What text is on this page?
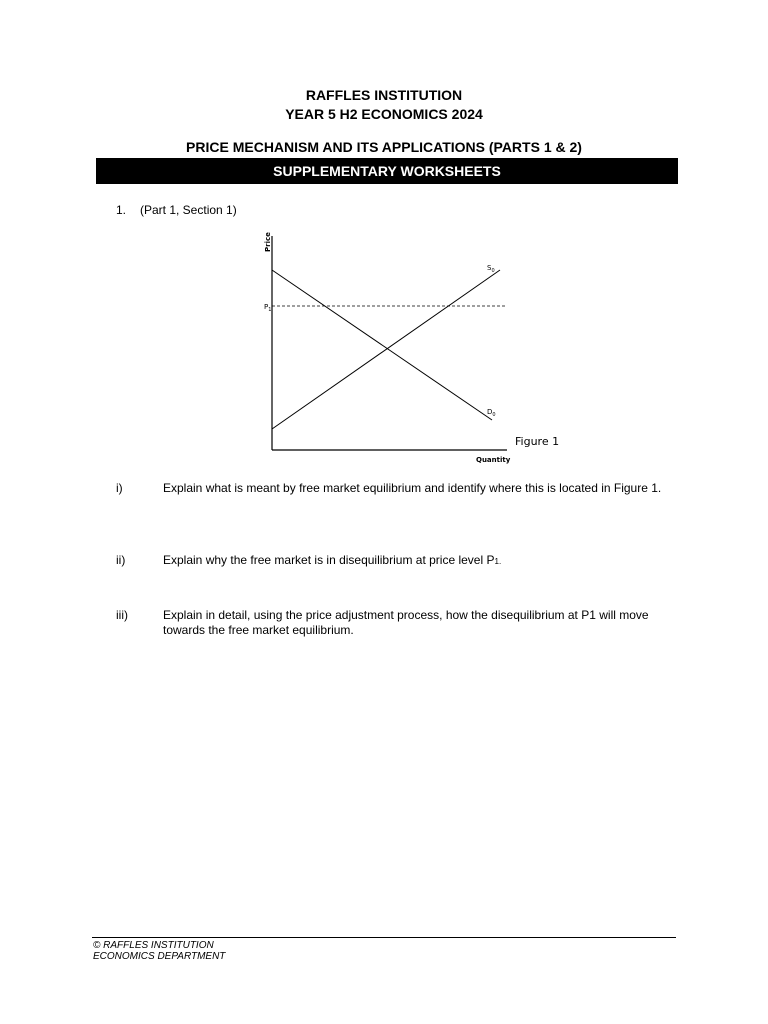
RAFFLES INSTITUTION
YEAR 5 H2 ECONOMICS 2024
PRICE MECHANISM AND ITS APPLICATIONS (PARTS 1 & 2)
SUPPLEMENTARY WORKSHEETS
1. (Part 1, Section 1)
Price
Quantity
$S_0$
$D_0$
$P_1$
Figure 1
i)	Explain what is meant by free market equilibrium and identify where this is located in Figure 1.
ii)	Explain why the free market is in disequilibrium at price level P1.
iii)	Explain in detail, using the price adjustment process, how the disequilibrium at P1 will move towards the free market equilibrium.
© RAFFLES INSTITUTION
ECONOMICS DEPARTMENT
